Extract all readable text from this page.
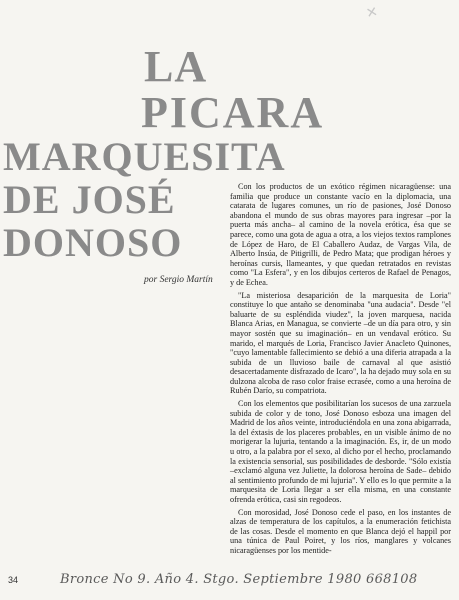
✕
LA
PICARA
MARQUESITA
DE JOSÉ
DONOSO
por Sergio Martín

Con los productos de un exótico régimen nicaragüense: una familia que produce un constante vacío en la diplomacia, una catarata de lugares comunes, un río de pasiones, José Donoso abandona el mundo de sus obras mayores para ingresar –por la puerta más ancha– al camino de la novela erótica, ésa que se parece, como una gota de agua a otra, a los viejos textos ramplones de López de Haro, de El Caballero Audaz, de Vargas Vila, de Alberto Insúa, de Pitigrilli, de Pedro Mata; que prodigan héroes y heroínas cursis, llameantes, y que quedan retratados en revistas como "La Esfera", y en los dibujos certeros de Rafael de Penagos, y de Echea.

"La misteriosa desaparición de la marquesita de Loria" constituye lo que antaño se denominaba "una audacia". Desde "el baluarte de su espléndida viudez", la joven marquesa, nacida Blanca Arias, en Managua, se convierte –de un día para otro, y sin mayor sostén que su imaginación– en un vendaval erótico. Su marido, el marqués de Loria, Francisco Javier Anacleto Quinones, "cuyo lamentable fallecimiento se debió a una diferia atrapada a la subida de un lluvioso baile de carnaval al que asistió desacertadamente disfrazado de Icaro", la ha dejado muy sola en su dulzona alcoba de raso color fraise ecrasée, como a una heroína de Rubén Darío, su compatriota.

Con los elementos que posibilitarían los sucesos de una zarzuela subida de color y de tono, José Donoso esboza una imagen del Madrid de los años veinte, introduciéndola en una zona abigarrada, la del éxtasis de los placeres probables, en un visible ánimo de no morigerar la lujuria, tentando a la imaginación. Es, ir, de un modo u otro, a la palabra por el sexo, al dicho por el hecho, proclamando la existencia sensorial, sus posibilidades de desborde. "Sólo existía –exclamó alguna vez Juliette, la dolorosa heroína de Sade– debido al sentimiento profundo de mi lujuria". Y ello es lo que permite a la marquesita de Loria llegar a ser ella misma, en una constante ofrenda erótica, casi sin regodeos.

Con morosidad, José Donoso cede el paso, en los instantes de alzas de temperatura de los capítulos, a la enumeración fetichista de las cosas. Desde el momento en que Blanca dejó el happil por una túnica de Paul Poiret, y los ríos, manglares y volcanes nicaragüenses por los mentide-

34	Bronce No 9. Año 4. Stgo. Septiembre 1980 668108
